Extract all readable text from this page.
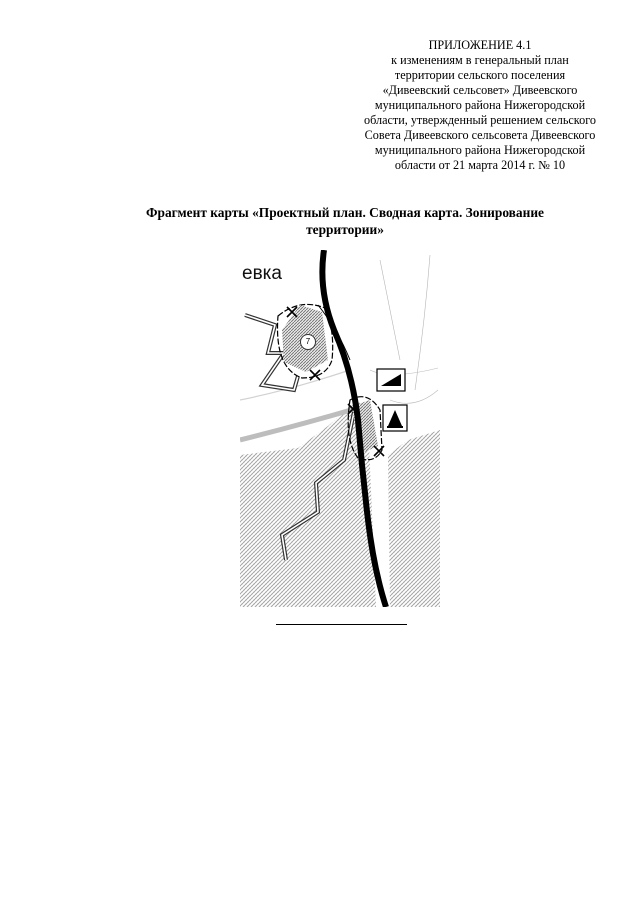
ПРИЛОЖЕНИЕ 4.1
к изменениям в генеральный план
территории сельского поселения
«Дивеевский сельсовет» Дивеевского
муниципального района Нижегородской
области, утвержденный решением сельского
Совета Дивеевского сельсовета Дивеевского
муниципального района Нижегородской
области от 21 марта 2014 г. № 10
Фрагмент карты «Проектный план. Сводная карта. Зонирование
территории»
евка
7
